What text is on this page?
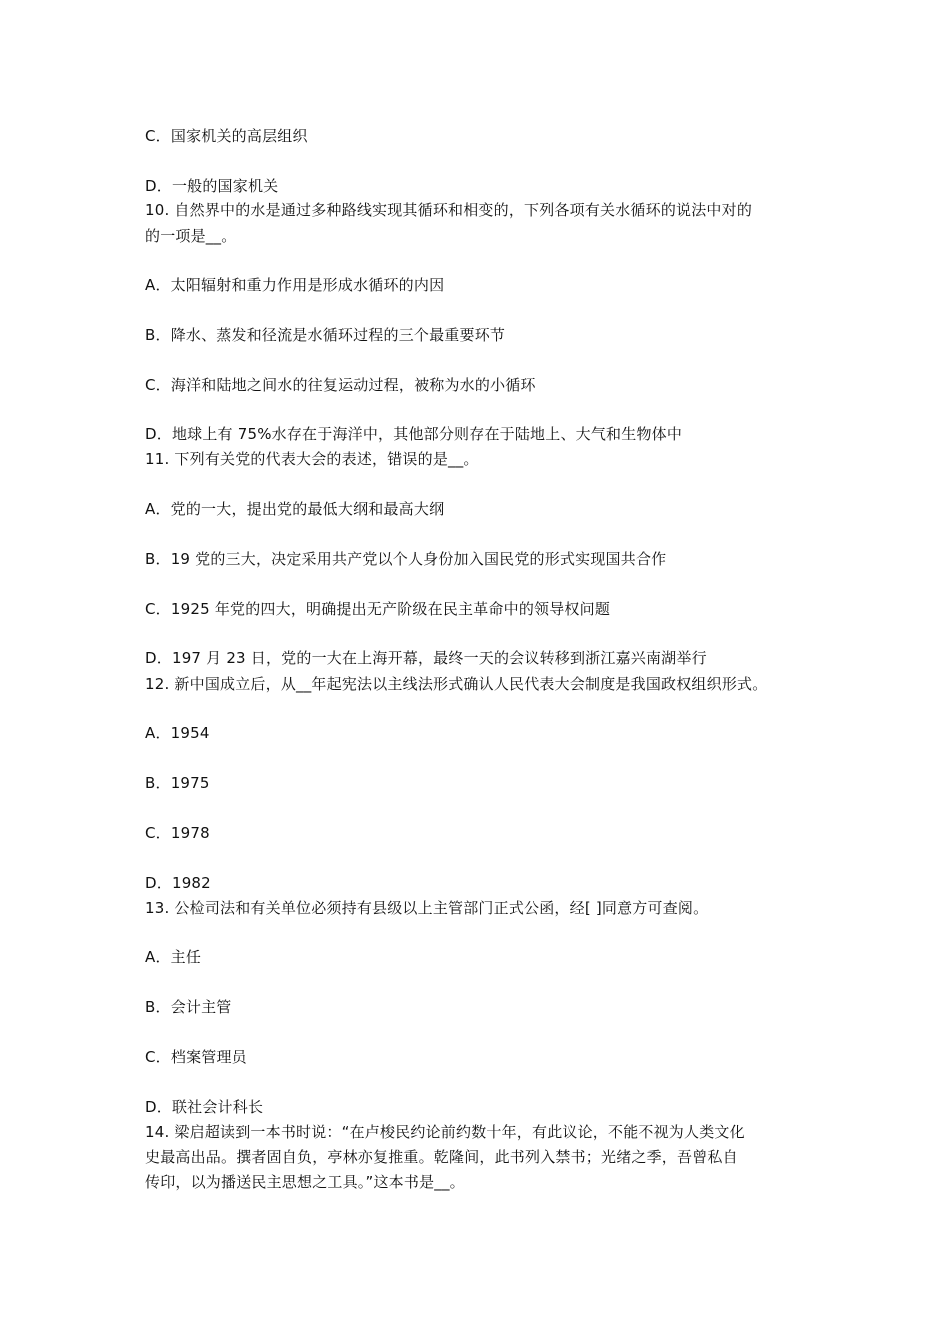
C．国家机关的高层组织
D．一般的国家机关
10. 自然界中的水是通过多种路线实现其循环和相变的，下列各项有关水循环的说法中对的
的一项是__。
A．太阳辐射和重力作用是形成水循环的内因
B．降水、蒸发和径流是水循环过程的三个最重要环节
C．海洋和陆地之间水的往复运动过程，被称为水的小循环
D．地球上有 75%水存在于海洋中，其他部分则存在于陆地上、大气和生物体中
11. 下列有关党的代表大会的表述，错误的是__。
A．党的一大，提出党的最低大纲和最高大纲
B．19 党的三大，决定采用共产党以个人身份加入国民党的形式实现国共合作
C．1925 年党的四大，明确提出无产阶级在民主革命中的领导权问题
D．197 月 23 日，党的一大在上海开幕，最终一天的会议转移到浙江嘉兴南湖举行
12. 新中国成立后，从__年起宪法以主线法形式确认人民代表大会制度是我国政权组织形式。
A．1954
B．1975
C．1978
D．1982
13. 公检司法和有关单位必须持有县级以上主管部门正式公函，经[ ]同意方可查阅。
A．主任
B．会计主管
C．档案管理员
D．联社会计科长
14. 梁启超读到一本书时说：“在卢梭民约论前约数十年，有此议论，不能不视为人类文化
史最高出品。撰者固自负，亭林亦复推重。乾隆间，此书列入禁书；光绪之季，吾曾私自
传印，以为播送民主思想之工具。”这本书是__。
